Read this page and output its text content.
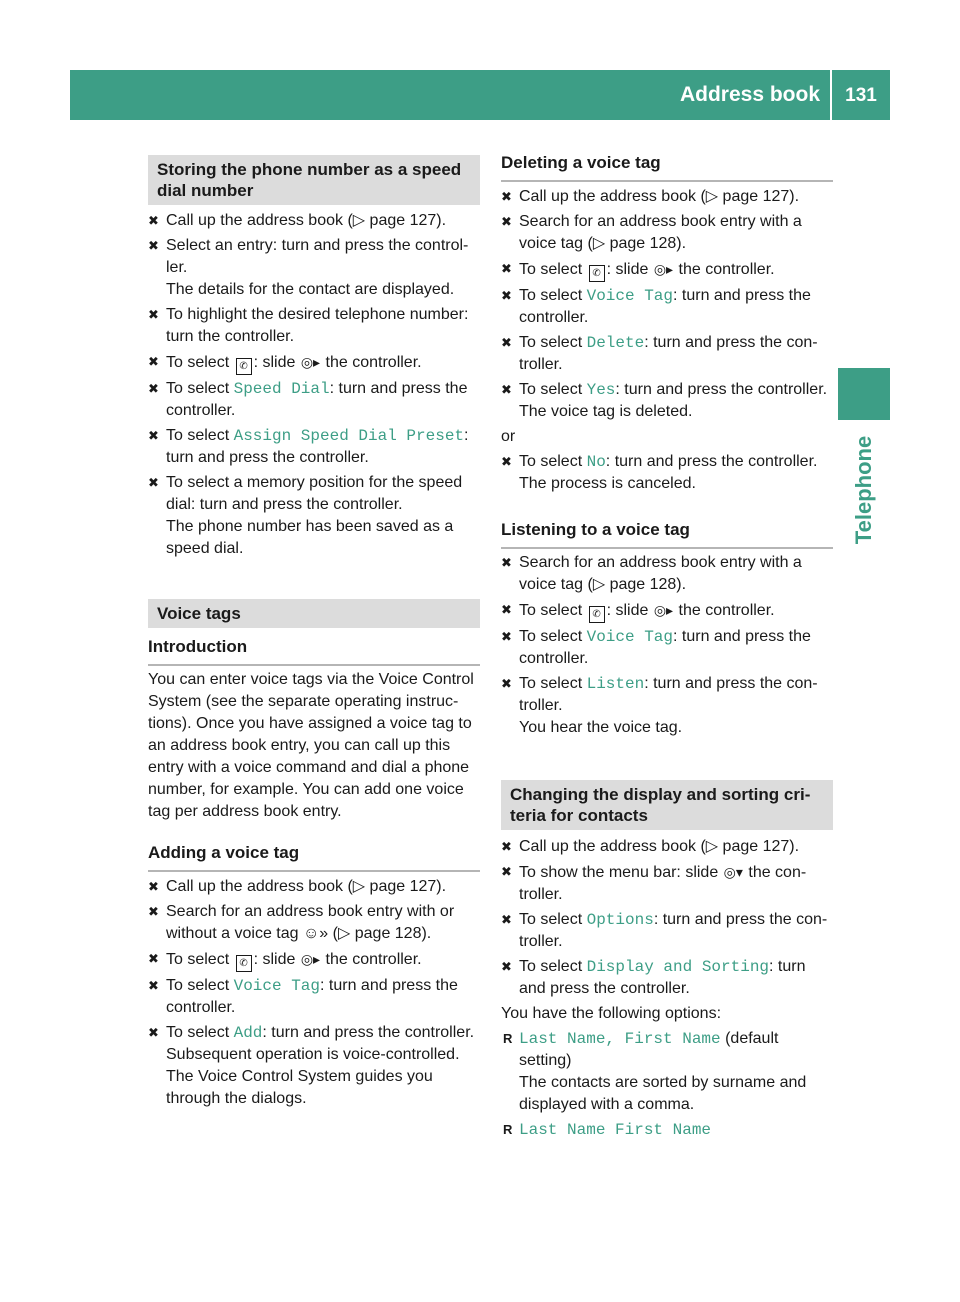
Address book	131
Telephone
Storing the phone number as a speed dial number
✖ Call up the address book (▷ page 127).
✖ Select an entry: turn and press the control-ler.
The details for the contact are displayed.
✖ To highlight the desired telephone number: turn the controller.
✖ To select ✆ : slide ◎▸ the controller.
✖ To select Speed Dial: turn and press the controller.
✖ To select Assign Speed Dial Preset: turn and press the controller.
✖ To select a memory position for the speed dial: turn and press the controller.
The phone number has been saved as a speed dial.
Voice tags
Introduction

You can enter voice tags via the Voice Control System (see the separate operating instruc-tions). Once you have assigned a voice tag to an address book entry, you can call up this entry with a voice command and dial a phone number, for example. You can add one voice tag per address book entry.

Adding a voice tag
✖ Call up the address book (▷ page 127).
✖ Search for an address book entry with or without a voice tag ☺» (▷ page 128).
✖ To select ✆ : slide ◎▸ the controller.
✖ To select Voice Tag: turn and press the controller.
✖ To select Add: turn and press the controller.
Subsequent operation is voice-controlled. The Voice Control System guides you through the dialogs.
Deleting a voice tag
✖ Call up the address book (▷ page 127).
✖ Search for an address book entry with a voice tag (▷ page 128).
✖ To select ✆ : slide ◎▸ the controller.
✖ To select Voice Tag: turn and press the controller.
✖ To select Delete: turn and press the con-troller.
✖ To select Yes: turn and press the controller.
The voice tag is deleted.

or

✖ To select No: turn and press the controller.
The process is canceled.
Listening to a voice tag
✖ Search for an address book entry with a voice tag (▷ page 128).
✖ To select ✆ : slide ◎▸ the controller.
✖ To select Voice Tag: turn and press the controller.
✖ To select Listen: turn and press the con-troller.
You hear the voice tag.
Changing the display and sorting cri-teria for contacts
✖ Call up the address book (▷ page 127).
✖ To show the menu bar: slide ◎▾ the con-troller.
✖ To select Options: turn and press the con-troller.
✖ To select Display and Sorting: turn and press the controller.

You have the following options:

R Last Name, First Name (default setting)
The contacts are sorted by surname and displayed with a comma.
R Last Name First Name
